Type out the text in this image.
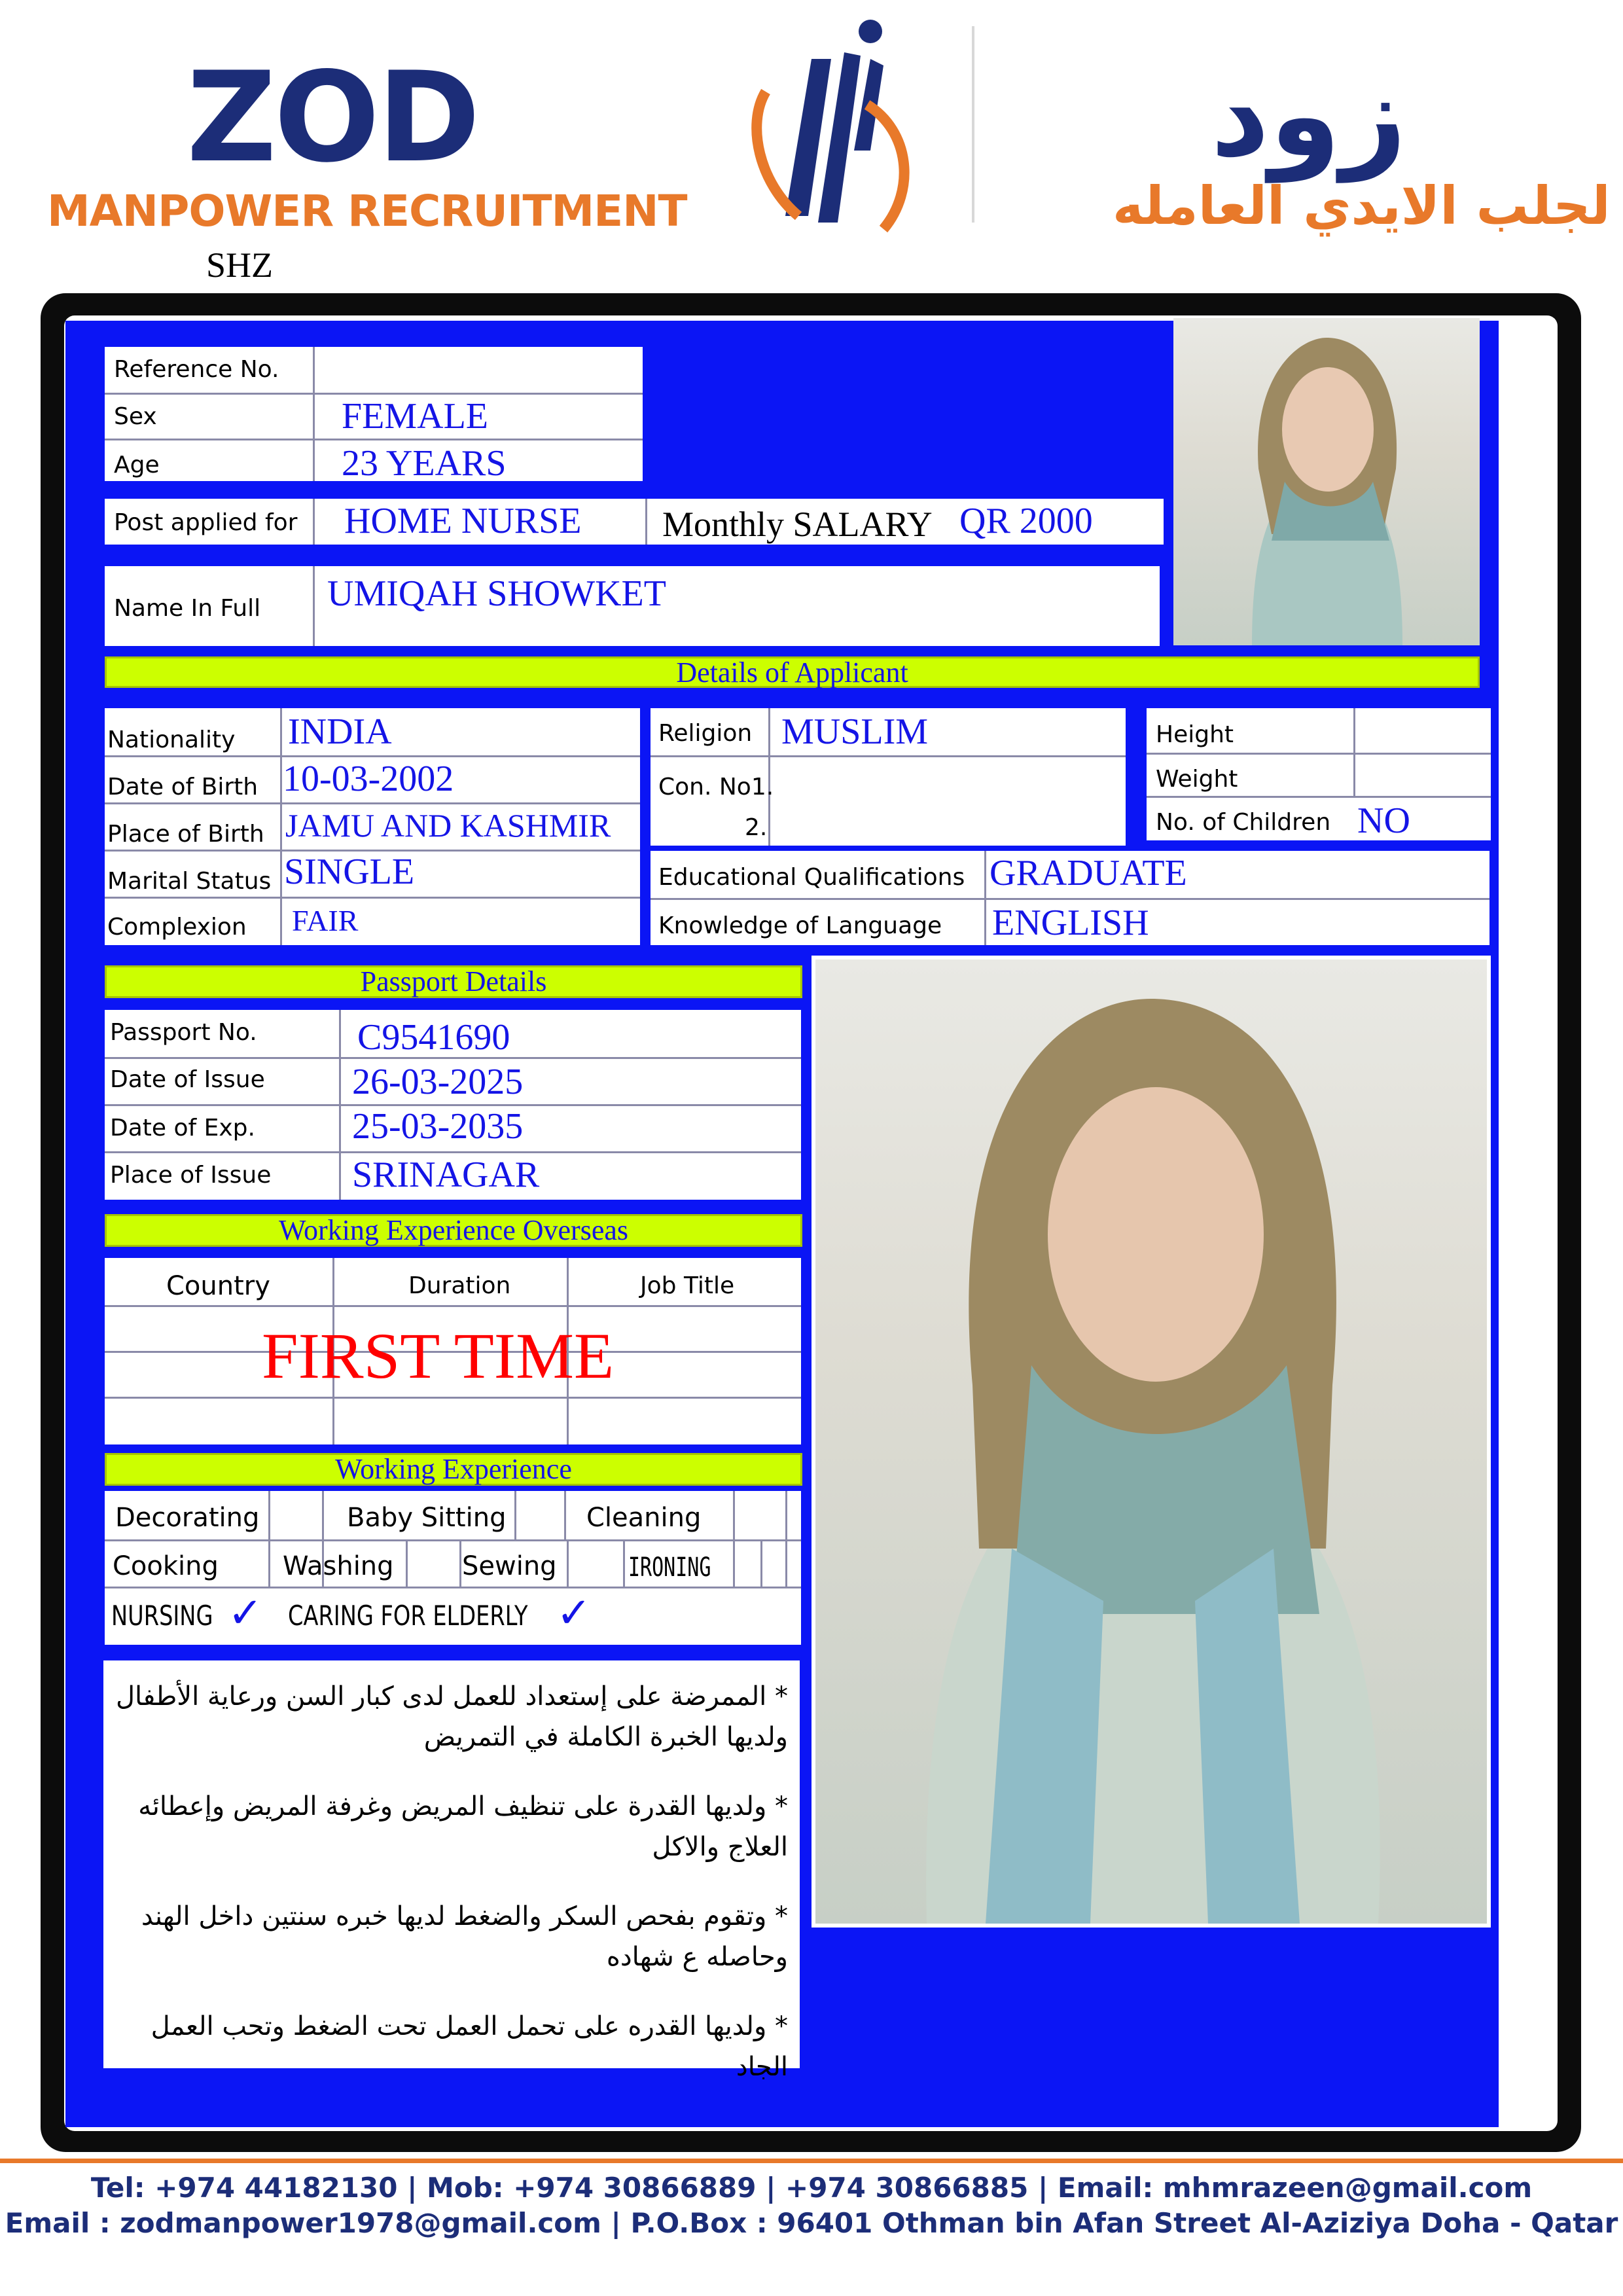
ZOD
MANPOWER RECRUITMENT
SHZ
زود
لجلب الايدي العامله
Reference No.
Sex	FEMALE
Age	23 YEARS
Post applied for HOME NURSE Monthly SALARY QR 2000
Name In Full UMIQAH SHOWKET
Details of Applicant
Nationality INDIA
Date of Birth 10-03-2002
Place of Birth JAMU AND KASHMIR
Marital Status SINGLE
Complexion FAIR
Religion MUSLIM
Con. No1.
2.
Educational Qualifications GRADUATE
Knowledge of Language ENGLISH
Height
Weight
No. of Children NO
Passport Details
Passport No.	C9541690
Date of Issue 26-03-2025
Date of Exp.	25-03-2035
Place of Issue SRINAGAR
Working Experience Overseas
Country	Duration	Job Title
FIRST TIME
Working Experience
Decorating	Baby Sitting	Cleaning
Cooking Washing	Sewing	IRONING
NURSING ✓ CARING FOR ELDERLY ✓

* الممرضة على إستعداد للعمل لدى كبار السن ورعاية الأطفال ولديها الخبرة الكاملة في التمريض

* ولديها القدرة على تنظيف المريض وغرفة المريض وإعطائه العلاج والاكل

* وتقوم بفحص السكر والضغط لديها خبره سنتين داخل الهند وحاصله ع شهاده

* ولديها القدره على تحمل العمل تحت الضغط وتحب العمل الجاد

Tel: +974 44182130 | Mob: +974 30866889 | +974 30866885 | Email: mhmrazeen@gmail.com
Email : zodmanpower1978@gmail.com | P.O.Box : 96401 Othman bin Afan Street Al-Aziziya Doha - Qatar
